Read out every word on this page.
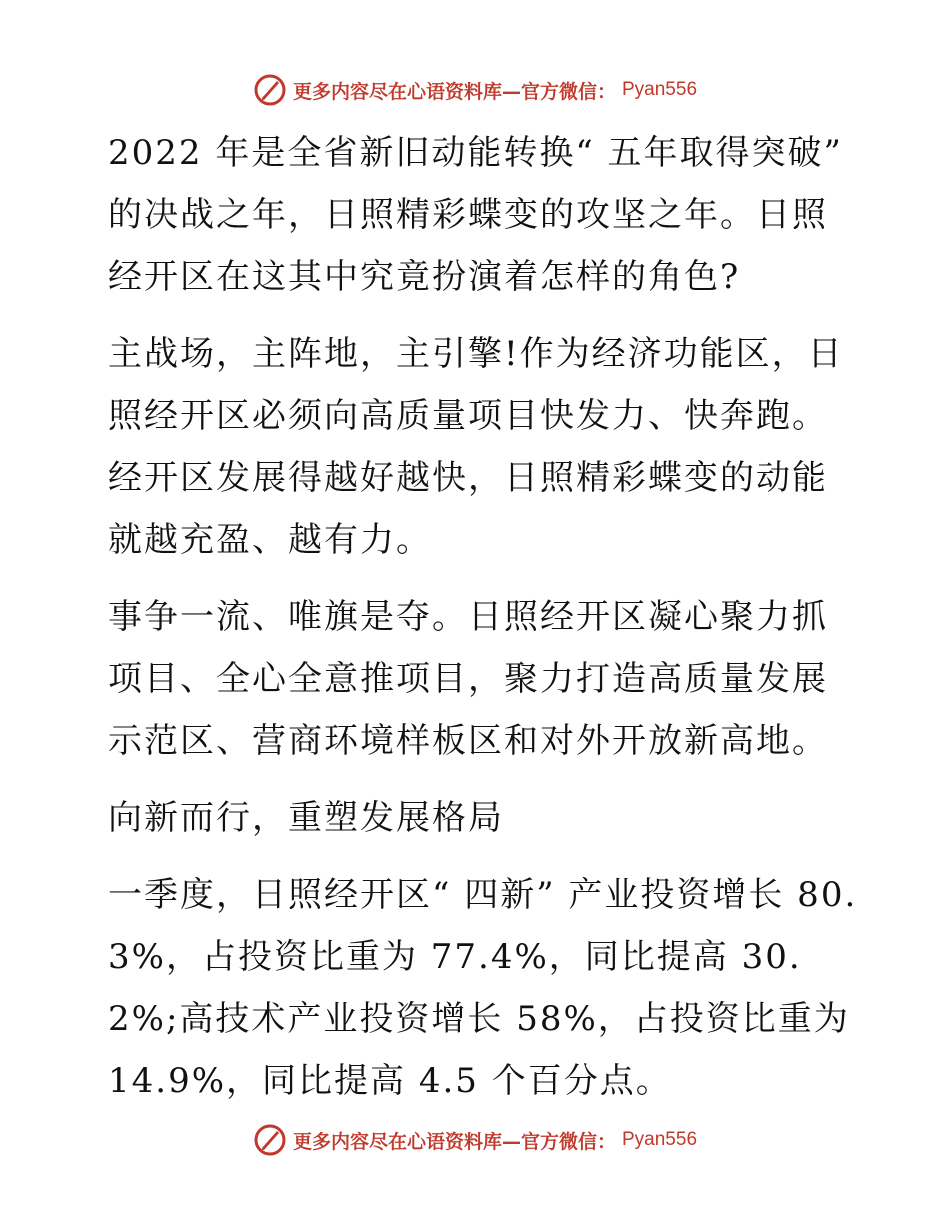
更多内容尽在心语资料库—官方微信： Pyan556

2022 年是全省新旧动能转换“ 五年取得突破” 的决战之年，日照精彩蝶变的攻坚之年。日照经开区在这其中究竟扮演着怎样的角色?

主战场，主阵地，主引擎!作为经济功能区，日照经开区必须向高质量项目快发力、快奔跑。经开区发展得越好越快，日照精彩蝶变的动能就越充盈、越有力。

事争一流、唯旗是夺。日照经开区凝心聚力抓项目、全心全意推项目，聚力打造高质量发展示范区、营商环境样板区和对外开放新高地。

向新而行，重塑发展格局

一季度，日照经开区“ 四新” 产业投资增长 80.3%，占投资比重为 77.4%，同比提高 30.2%;高技术产业投资增长 58%，占投资比重为 14.9%，同比提高 4.5 个百分点。

更多内容尽在心语资料库—官方微信： Pyan556
